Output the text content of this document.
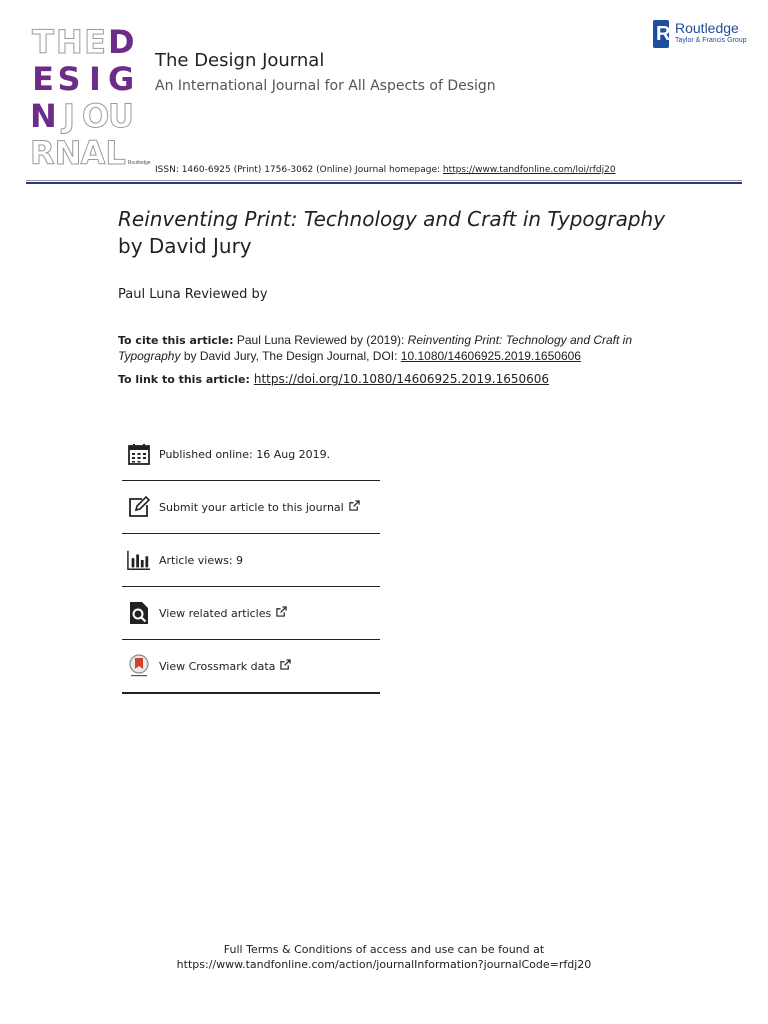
T H E D
E S I G
N J O
U
R N A L Routledge
The Design Journal
An International Journal for All Aspects of Design
ISSN: 1460-6925 (Print) 1756-3062 (Online) Journal homepage: https://www.tandfonline.com/loi/rfdj20
R Routledge
Taylor & Francis Group
Reinventing Print: Technology and Craft in Typography by David Jury
Paul Luna Reviewed by
To cite this article: Paul Luna Reviewed by (2019): Reinventing Print: Technology and Craft in Typography by David Jury, The Design Journal, DOI: 10.1080/14606925.2019.1650606
To link to this article: https://doi.org/10.1080/14606925.2019.1650606
Published online: 16 Aug 2019.
Submit your article to this journal
Article views: 9
View related articles
View Crossmark data
Full Terms & Conditions of access and use can be found at
https://www.tandfonline.com/action/journalInformation?journalCode=rfdj20
